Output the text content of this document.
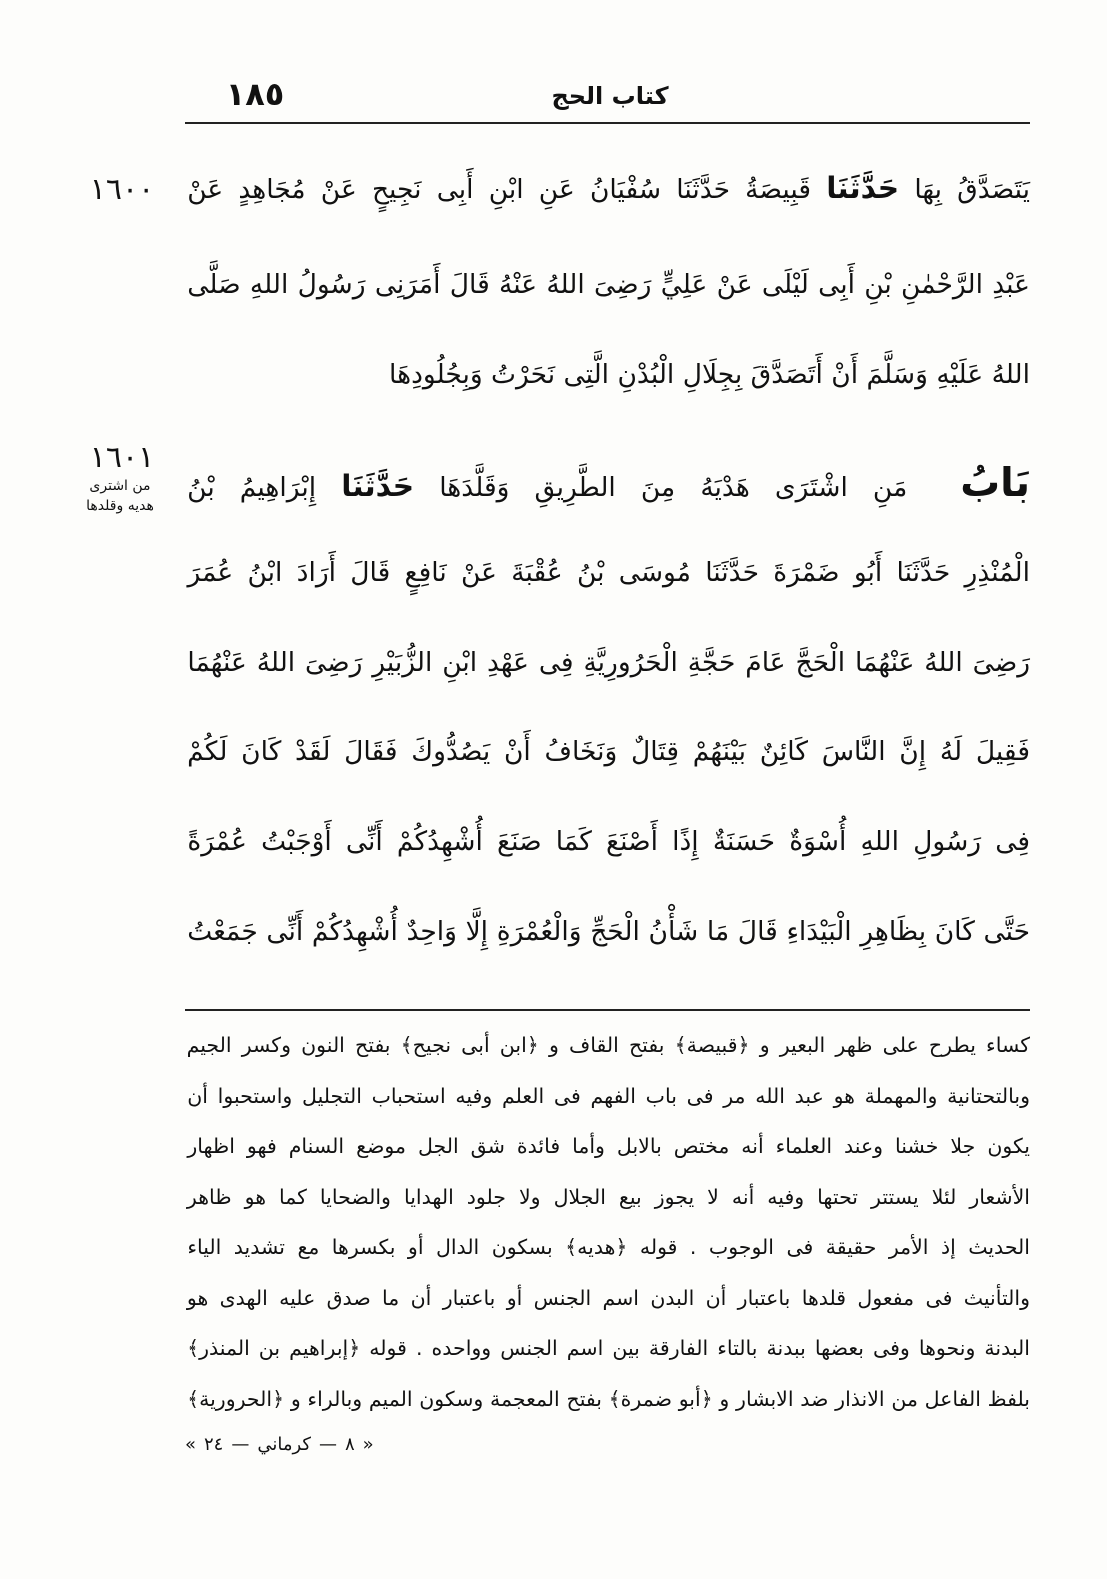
١٨٥	كتاب الحج
١٦٠٠
١٦٠١
من اشترى
هديه وقلدها
يَتَصَدَّقُ بِهَا حَدَّثَنَا قَبِيصَةُ حَدَّثَنَا سُفْيَانُ عَنِ ابْنِ أَبِى نَجِيحٍ عَنْ مُجَاهِدٍ عَنْ
عَبْدِ الرَّحْمٰنِ بْنِ أَبِى لَيْلَى عَنْ عَلِيٍّ رَضِىَ اللهُ عَنْهُ قَالَ أَمَرَنِى رَسُولُ اللهِ صَلَّى
اللهُ عَلَيْهِ وَسَلَّمَ أَنْ أَتَصَدَّقَ بِجِلَالِ الْبُدْنِ الَّتِى نَحَرْتُ وَبِجُلُودِهَا
بَابُ مَنِ اشْتَرَى هَدْيَهُ مِنَ الطَّرِيقِ وَقَلَّدَهَا حَدَّثَنَا إِبْرَاهِيمُ بْنُ
الْمُنْذِرِ حَدَّثَنَا أَبُو ضَمْرَةَ حَدَّثَنَا مُوسَى بْنُ عُقْبَةَ عَنْ نَافِعٍ قَالَ أَرَادَ ابْنُ عُمَرَ
رَضِىَ اللهُ عَنْهُمَا الْحَجَّ عَامَ حَجَّةِ الْحَرُورِيَّةِ فِى عَهْدِ ابْنِ الزُّبَيْرِ رَضِىَ اللهُ عَنْهُمَا
فَقِيلَ لَهُ إِنَّ النَّاسَ كَائِنٌ بَيْنَهُمْ قِتَالٌ وَنَخَافُ أَنْ يَصُدُّوكَ فَقَالَ لَقَدْ كَانَ لَكُمْ
فِى رَسُولِ اللهِ أُسْوَةٌ حَسَنَةٌ إِذًا أَصْنَعَ كَمَا صَنَعَ أُشْهِدُكُمْ أَنِّى أَوْجَبْتُ عُمْرَةً
حَتَّى كَانَ بِظَاهِرِ الْبَيْدَاءِ قَالَ مَا شَأْنُ الْحَجِّ وَالْعُمْرَةِ إِلَّا وَاحِدٌ أُشْهِدُكُمْ أَنِّى جَمَعْتُ
كساء يطرح على ظهر البعير و ﴿قبيصة﴾ بفتح القاف و ﴿ابن أبى نجيح﴾ بفتح النون وكسر الجيم
وبالتحتانية والمهملة هو عبد الله مر فى باب الفهم فى العلم وفيه استحباب التجليل واستحبوا أن
يكون جلا خشنا وعند العلماء أنه مختص بالابل وأما فائدة شق الجل موضع السنام فهو اظهار
الأشعار لئلا يستتر تحتها وفيه أنه لا يجوز بيع الجلال ولا جلود الهدايا والضحايا كما هو ظاهر
الحديث إذ الأمر حقيقة فى الوجوب . قوله ﴿هديه﴾ بسكون الدال أو بكسرها مع تشديد الياء
والتأنيث فى مفعول قلدها باعتبار أن البدن اسم الجنس أو باعتبار أن ما صدق عليه الهدى هو
البدنة ونحوها وفى بعضها ببدنة بالتاء الفارقة بين اسم الجنس وواحده . قوله ﴿إبراهيم بن المنذر﴾
بلفظ الفاعل من الانذار ضد الابشار و ﴿أبو ضمرة﴾ بفتح المعجمة وسكون الميم وبالراء و ﴿الحرورية﴾
« ٢٤ — كرماني — ٨ »
